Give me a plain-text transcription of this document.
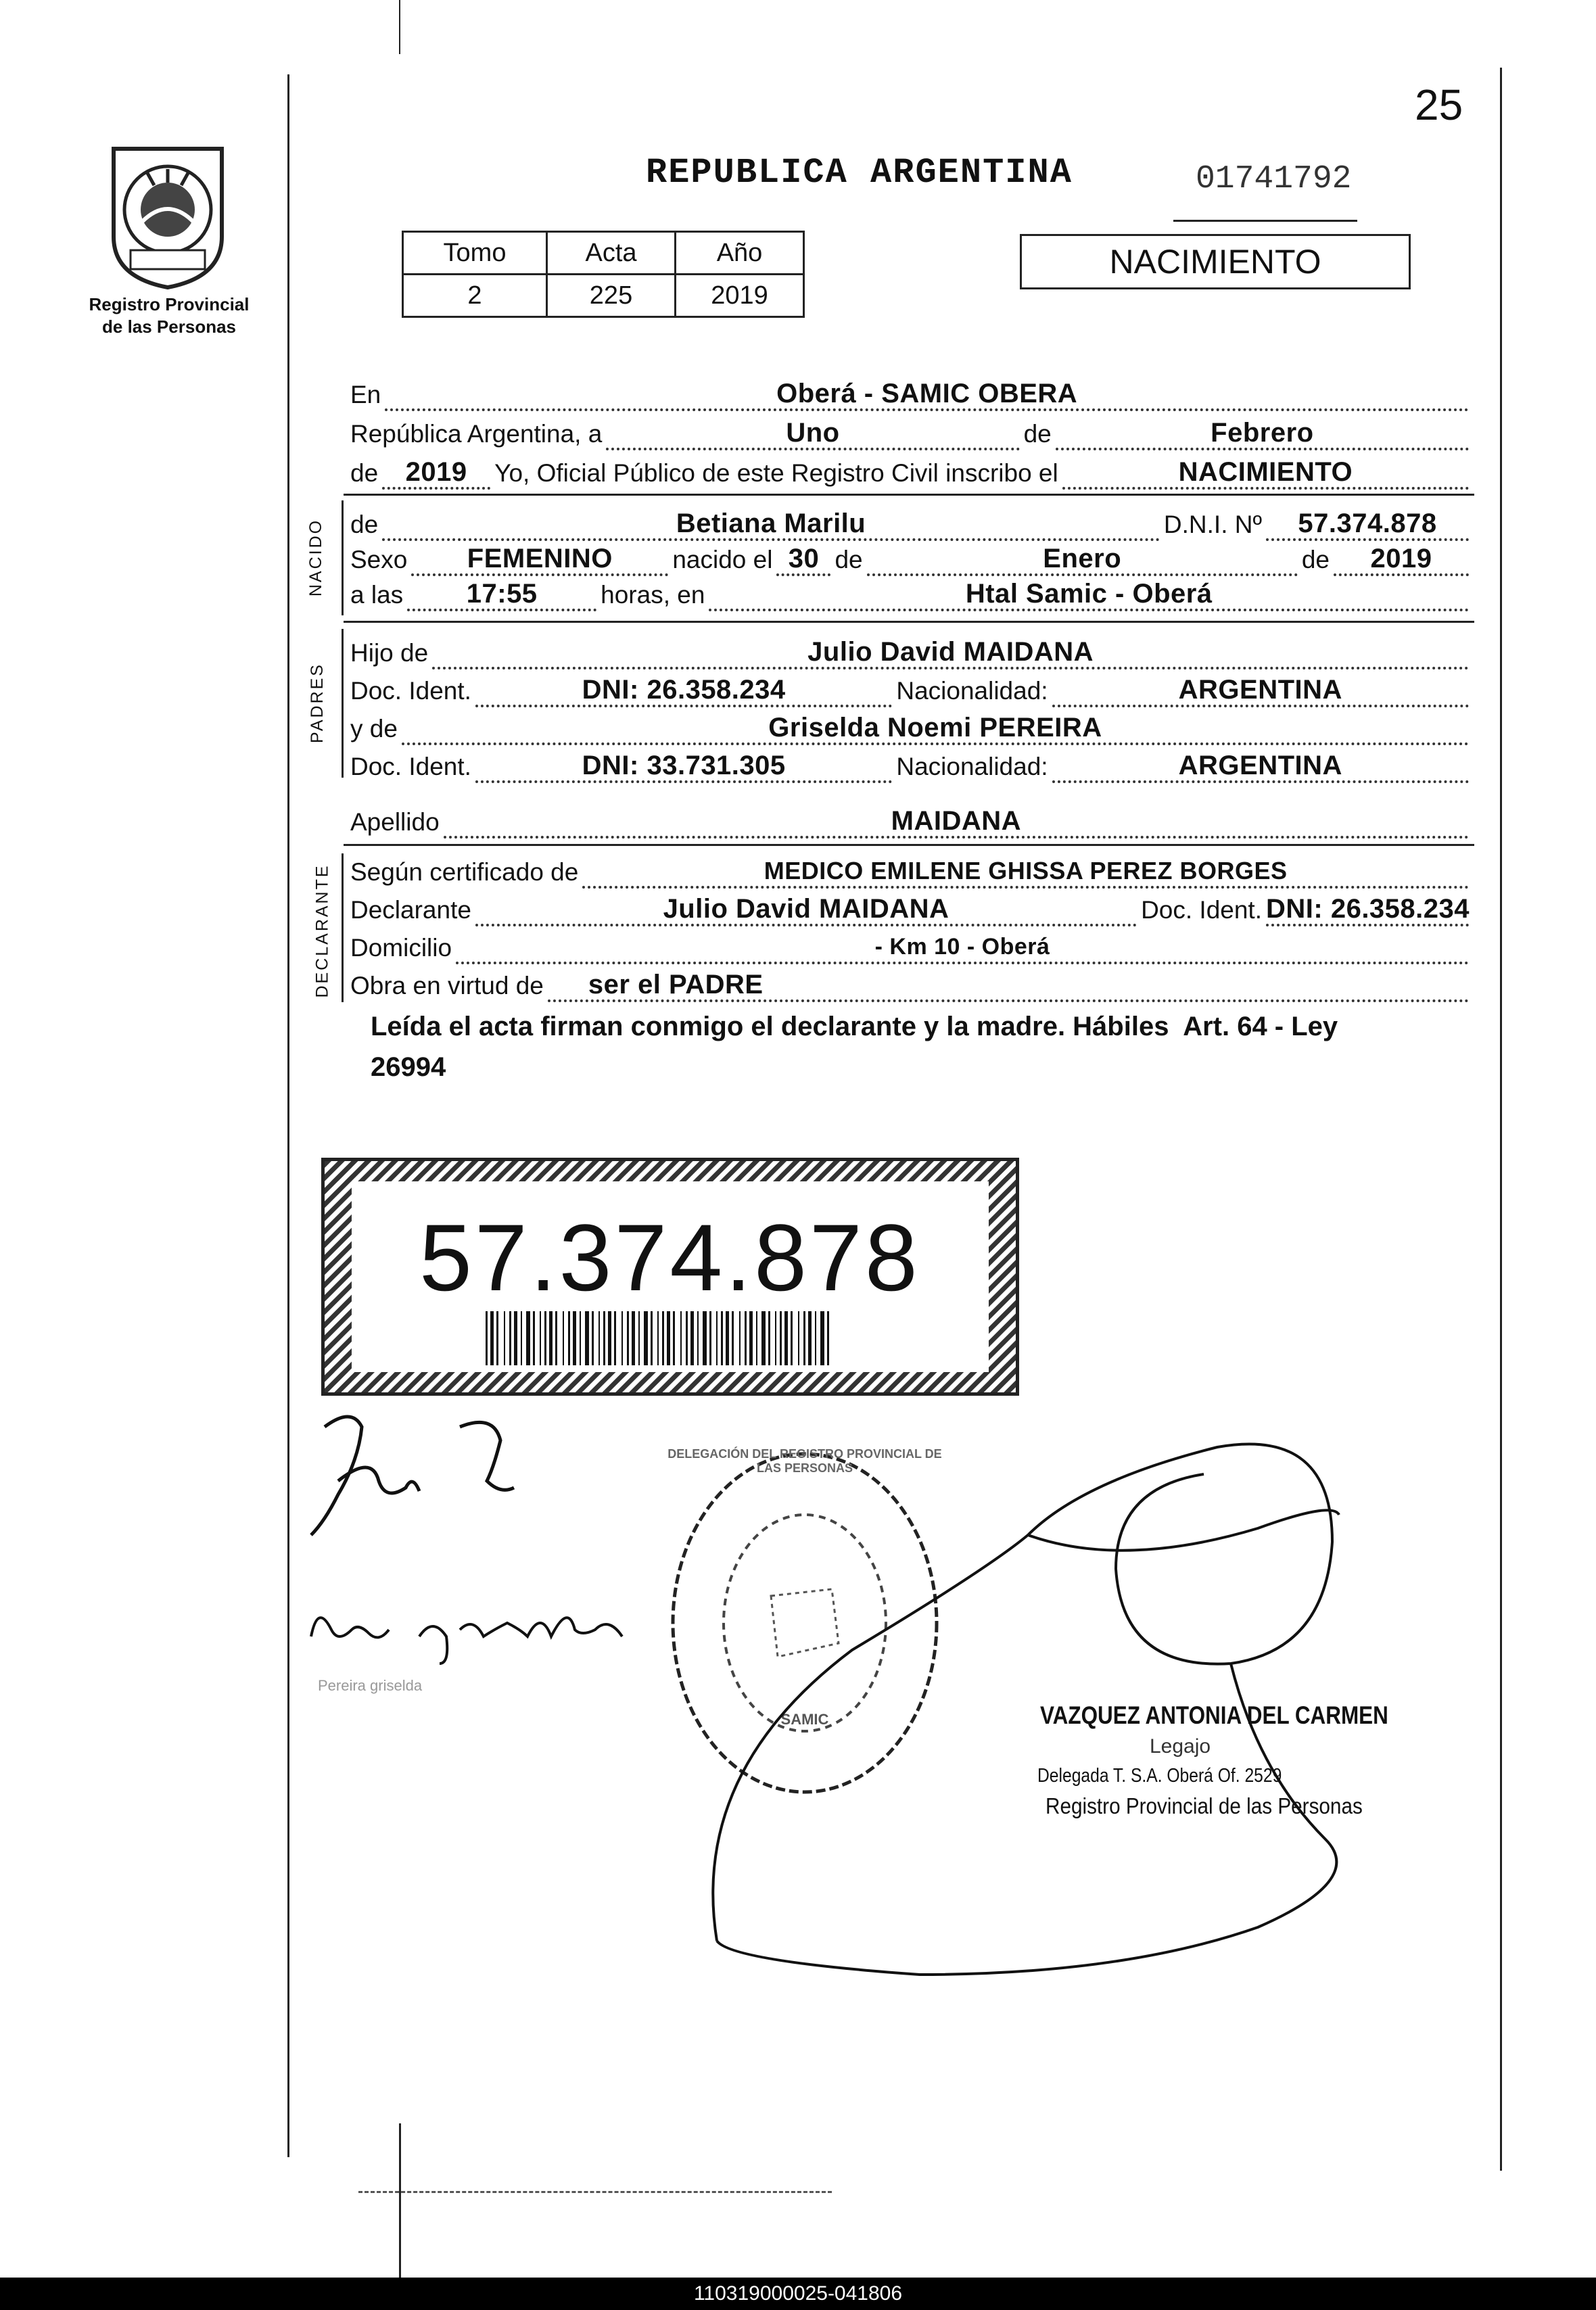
25
Registro Provincial
de las Personas
REPUBLICA ARGENTINA	01741792
Tomo	Acta	Año
2	225	2019
NACIMIENTO
En	Oberá - SAMIC OBERA
República Argentina, a	Uno	de	Febrero
de	2019	Yo, Oficial Público de este Registro Civil inscribo el	NACIMIENTO
NACIDO de	Betiana Marilu	D.N.I. Nº	57.374.878
Sexo	FEMENINO	nacido el 30 de	Enero	de	2019
a las	17:55	horas, en	Htal Samic - Oberá
PADRES
Hijo de	Julio David MAIDANA
Doc. Ident.	DNI: 26.358.234	Nacionalidad:	ARGENTINA
y de	Griselda Noemi PEREIRA
Doc. Ident.	DNI: 33.731.305	Nacionalidad:	ARGENTINA
Apellido	MAIDANA
DECLARANTE Según certificado de	MEDICO EMILENE GHISSA PEREZ BORGES
Declarante	Julio David MAIDANA	Doc. Ident. DNI: 26.358.234
Domicilio	- Km 10 - Oberá
Obra en virtud de ser el PADRE
Leída el acta firman conmigo el declarante y la madre. Hábiles  Art. 64 - Ley
26994
57.374.878
Pereira griselda
DELEGACIÓN DEL REGISTRO PROVINCIAL DE LAS PERSONAS
SAMIC	VAZQUEZ ANTONIA DEL CARMEN
Legajo
Delegada T. S.A. Oberá Of. 2529
Registro Provincial de las Personas
110319000025-041806
